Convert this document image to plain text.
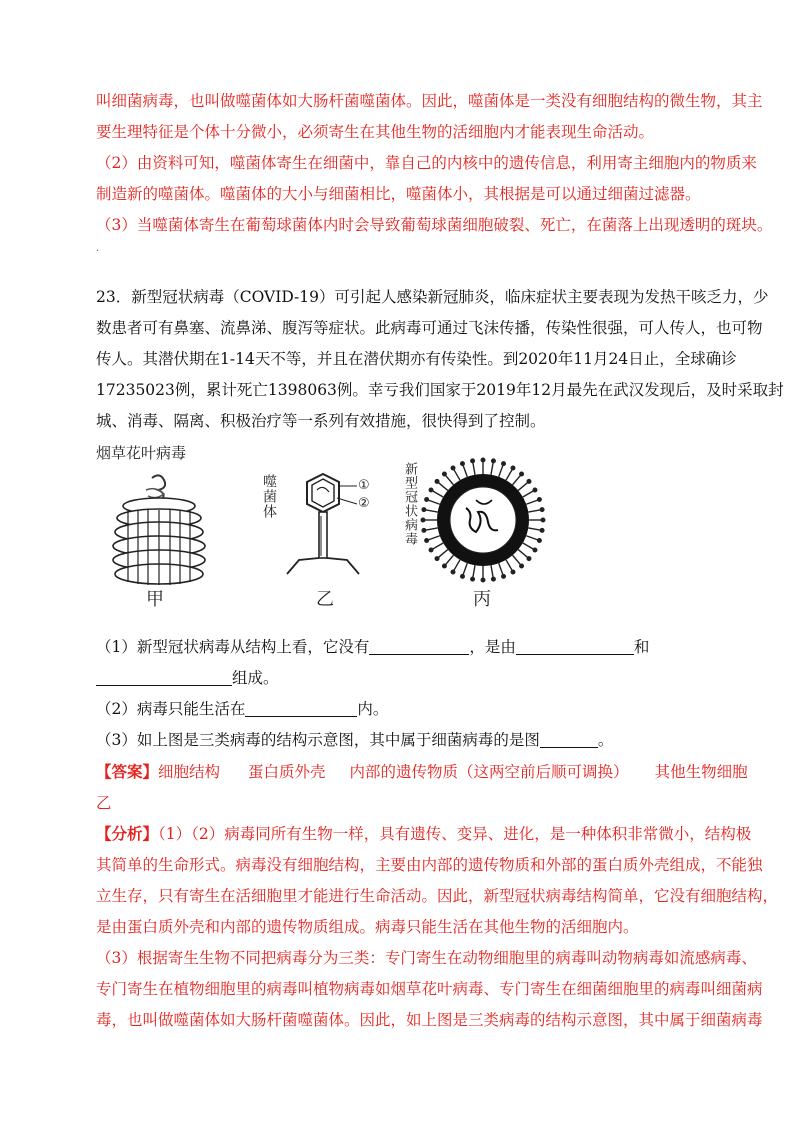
叫细菌病毒，也叫做噬菌体如大肠杆菌噬菌体。因此，噬菌体是一类没有细胞结构的微生物，其主
要生理特征是个体十分微小，必须寄生在其他生物的活细胞内才能表现生命活动。
（2）由资料可知，噬菌体寄生在细菌中，靠自己的内核中的遗传信息，利用寄主细胞内的物质来
制造新的噬菌体。噬菌体的大小与细菌相比，噬菌体小，其根据是可以通过细菌过滤器。
（3）当噬菌体寄生在葡萄球菌体内时会导致葡萄球菌细胞破裂、死亡，在菌落上出现透明的斑块。
·
23．新型冠状病毒（COVID-19）可引起人感染新冠肺炎，临床症状主要表现为发热干咳乏力，少
数患者可有鼻塞、流鼻涕、腹泻等症状。此病毒可通过飞沫传播，传染性很强，可人传人，也可物
传人。其潜伏期在1-14天不等，并且在潜伏期亦有传染性。到2020年11月24日止，全球确诊
17235023例，累计死亡1398063例。幸亏我们国家于2019年12月最先在武汉发现后，及时采取封
城、消毒、隔离、积极治疗等一系列有效措施，很快得到了控制。
烟草花叶病毒
甲
噬菌体	①
②
乙
新型冠状病毒
丙
（1）新型冠状病毒从结构上看，它没有	，是由	和
组成。
（2）病毒只能生活在	内。
（3）如上图是三类病毒的结构示意图，其中属于细菌病毒的是图	。
【答案】细胞结构 蛋白质外壳 内部的遗传物质（这两空前后顺可调换） 其他生物细胞
乙
【分析】（1）（2）病毒同所有生物一样，具有遗传、变异、进化，是一种体积非常微小，结构极
其简单的生命形式。病毒没有细胞结构，主要由内部的遗传物质和外部的蛋白质外壳组成，不能独
立生存，只有寄生在活细胞里才能进行生命活动。因此，新型冠状病毒结构简单，它没有细胞结构，
是由蛋白质外壳和内部的遗传物质组成。病毒只能生活在其他生物的活细胞内。
（3）根据寄生生物不同把病毒分为三类：专门寄生在动物细胞里的病毒叫动物病毒如流感病毒、
专门寄生在植物细胞里的病毒叫植物病毒如烟草花叶病毒、专门寄生在细菌细胞里的病毒叫细菌病
毒，也叫做噬菌体如大肠杆菌噬菌体。因此，如上图是三类病毒的结构示意图，其中属于细菌病毒
